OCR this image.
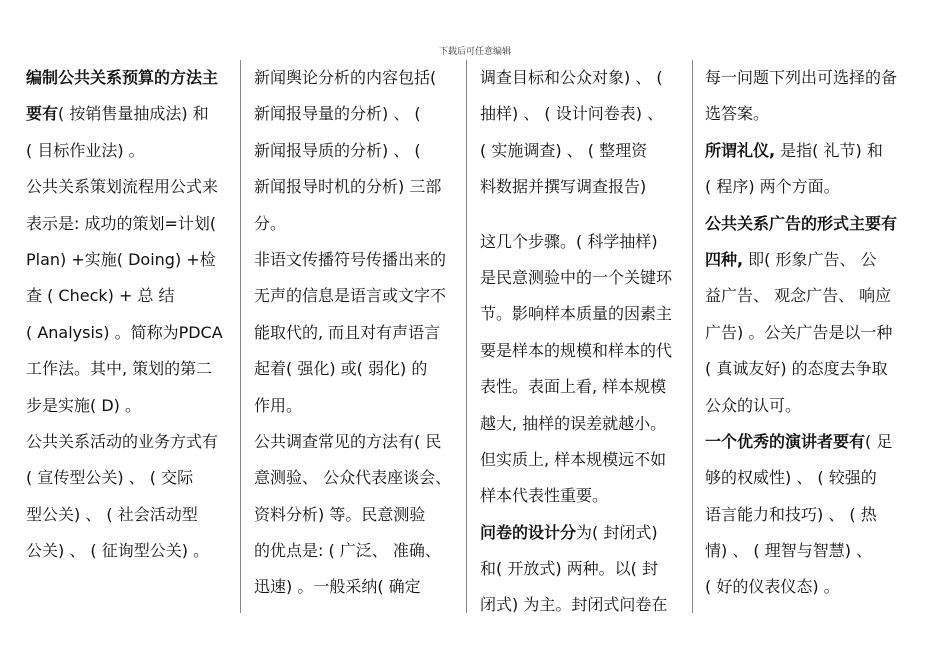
下载后可任意编辑
编制公共关系预算的方法主
要有( 按销售量抽成法) 和
( 目标作业法) 。
公共关系策划流程用公式来
表示是: 成功的策划=计划(
Plan) +实施( Doing) +检
查 ( Check) + 总 结
( Analysis) 。简称为PDCA
工作法。其中, 策划的第二
步是实施( D) 。
公共关系活动的业务方式有
( 宣传型公关) 、 ( 交际
型公关) 、 ( 社会活动型
公关) 、 ( 征询型公关) 。
新闻舆论分析的内容包括(
新闻报导量的分析) 、 (
新闻报导质的分析) 、 (
新闻报导时机的分析) 三部
分。
非语文传播符号传播出来的
无声的信息是语言或文字不
能取代的, 而且对有声语言
起着( 强化) 或( 弱化) 的
作用。
公共调查常见的方法有( 民
意测验、 公众代表座谈会、
资料分析) 等。民意测验
的优点是: ( 广泛、 准确、
迅速) 。一般采纳( 确定
调查目标和公众对象) 、 (
抽样) 、 ( 设计问卷表) 、
( 实施调查) 、 ( 整理资
料数据并撰写调查报告)
这几个步骤。( 科学抽样)
是民意测验中的一个关键环
节。影响样本质量的因素主
要是样本的规模和样本的代
表性。表面上看, 样本规模
越大, 抽样的误差就越小。
但实质上, 样本规模远不如
样本代表性重要。
问卷的设计分为( 封闭式)
和( 开放式) 两种。以( 封
闭式) 为主。封闭式问卷在
每一问题下列出可选择的备
选答案。
所谓礼仪, 是指( 礼节) 和
( 程序) 两个方面。
公共关系广告的形式主要有
四种, 即( 形象广告、 公
益广告、 观念广告、 响应
广告) 。公关广告是以一种
( 真诚友好) 的态度去争取
公众的认可。
一个优秀的演讲者要有( 足
够的权威性) 、 ( 较强的
语言能力和技巧) 、 ( 热
情) 、 ( 理智与智慧) 、
( 好的仪表仪态) 。
